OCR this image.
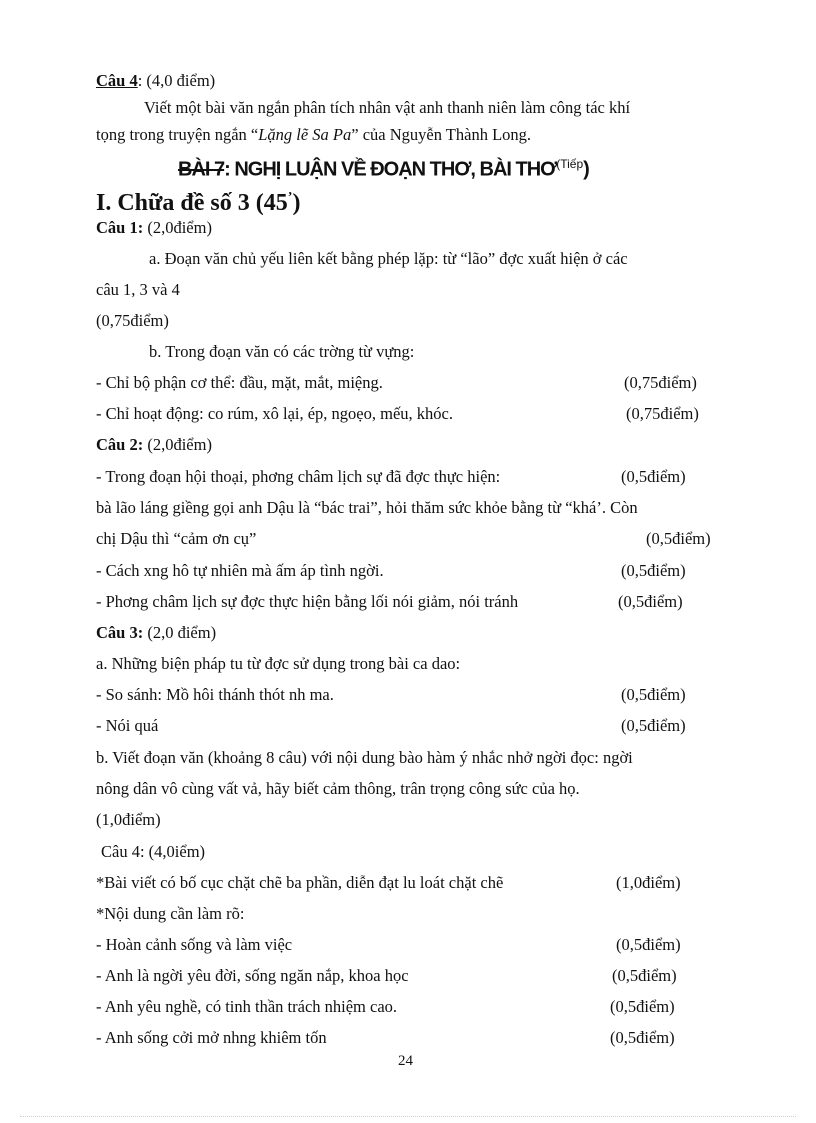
Câu 4: (4,0 điểm)
Viết một bài văn ngắn phân tích nhân vật anh thanh niên làm công tác khí
tọng trong truyện ngắn “Lặng lẽ Sa Pa” của Nguyễn Thành Long.
BÀI 7: NGHỊ LUẬN VỀ ĐOẠN THƠ, BÀI $THƠ^{(Tiếp}$)
I. Chữa đề số 3 (45’)
Câu 1: (2,0điểm)
a. Đoạn văn chủ yếu liên kết bằng phép lặp: từ “lão” đợc xuất hiện ở các
câu 1, 3 và 4
(0,75điểm)
b. Trong đoạn văn có các trờng từ vựng:
- Chỉ bộ phận cơ thể: đầu, mặt, mắt, miệng.	(0,75điểm)
- Chỉ hoạt động: co rúm, xô lại, ép, ngoẹo, mếu, khóc.	(0,75điểm)
Câu 2: (2,0điểm)
- Trong đoạn hội thoại, phơng châm lịch sự đã đợc thực hiện:	(0,5điểm)
bà lão láng giềng gọi anh Dậu là “bác trai”, hỏi thăm sức khỏe bằng từ “khá’. Còn
chị Dậu thì “cảm ơn cụ”	(0,5điểm)
- Cách xng hô tự nhiên mà ấm áp tình ngời.	(0,5điểm)
- Phơng châm lịch sự đợc thực hiện bằng lối nói giảm, nói tránh	(0,5điểm)
Câu 3: (2,0 điểm)
a. Những biện pháp tu từ đợc sử dụng trong bài ca dao:
- So sánh: Mồ hôi thánh thót nh ma.	(0,5điểm)
- Nói quá	(0,5điểm)
b. Viết đoạn văn (khoảng 8 câu) với nội dung bào hàm ý nhắc nhở ngời đọc: ngời
nông dân vô cùng vất vả, hãy biết cảm thông, trân trọng công sức của họ.
(1,0điểm)
Câu 4: (4,0iểm)
*Bài viết có bố cục chặt chẽ ba phần, diễn đạt lu loát chặt chẽ	(1,0điểm)
*Nội dung cần làm rõ:
- Hoàn cảnh sống và làm việc	(0,5điểm)
- Anh là ngời yêu đời, sống ngăn nắp, khoa học	(0,5điểm)
- Anh yêu nghề, có tinh thần trách nhiệm cao.	(0,5điểm)
- Anh sống cởi mở nhng khiêm tốn	(0,5điểm)
24
